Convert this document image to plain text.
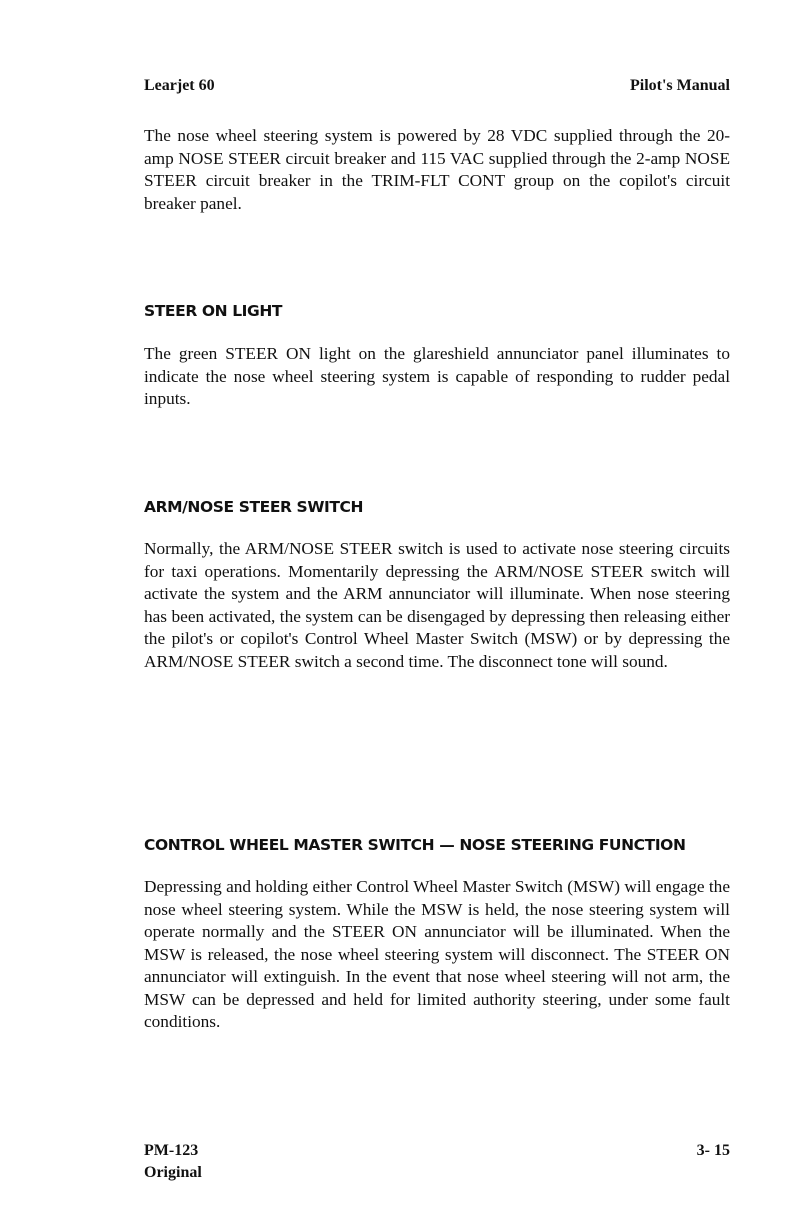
Learjet 60	Pilot's Manual

The nose wheel steering system is powered by 28 VDC supplied through the 20-amp NOSE STEER circuit breaker and 115 VAC supplied through the 2-amp NOSE STEER circuit breaker in the TRIM-FLT CONT group on the copilot's circuit breaker panel.

STEER ON LIGHT

The green STEER ON light on the glareshield annunciator panel illuminates to indicate the nose wheel steering system is capable of responding to rudder pedal inputs.

ARM/NOSE STEER SWITCH

Normally, the ARM/NOSE STEER switch is used to activate nose steering circuits for taxi operations. Momentarily depressing the ARM/NOSE STEER switch will activate the system and the ARM annunciator will illuminate. When nose steering has been activated, the system can be disengaged by depressing then releasing either the pilot's or copilot's Control Wheel Master Switch (MSW) or by depressing the ARM/NOSE STEER switch a second time. The disconnect tone will sound.

CONTROL WHEEL MASTER SWITCH — NOSE STEERING FUNCTION

Depressing and holding either Control Wheel Master Switch (MSW) will engage the nose wheel steering system. While the MSW is held, the nose steering system will operate normally and the STEER ON annunciator will be illuminated. When the MSW is released, the nose wheel steering system will disconnect. The STEER ON annunciator will extinguish. In the event that nose wheel steering will not arm, the MSW can be depressed and held for limited authority steering, under some fault conditions.

PM-123
Original
3- 15
